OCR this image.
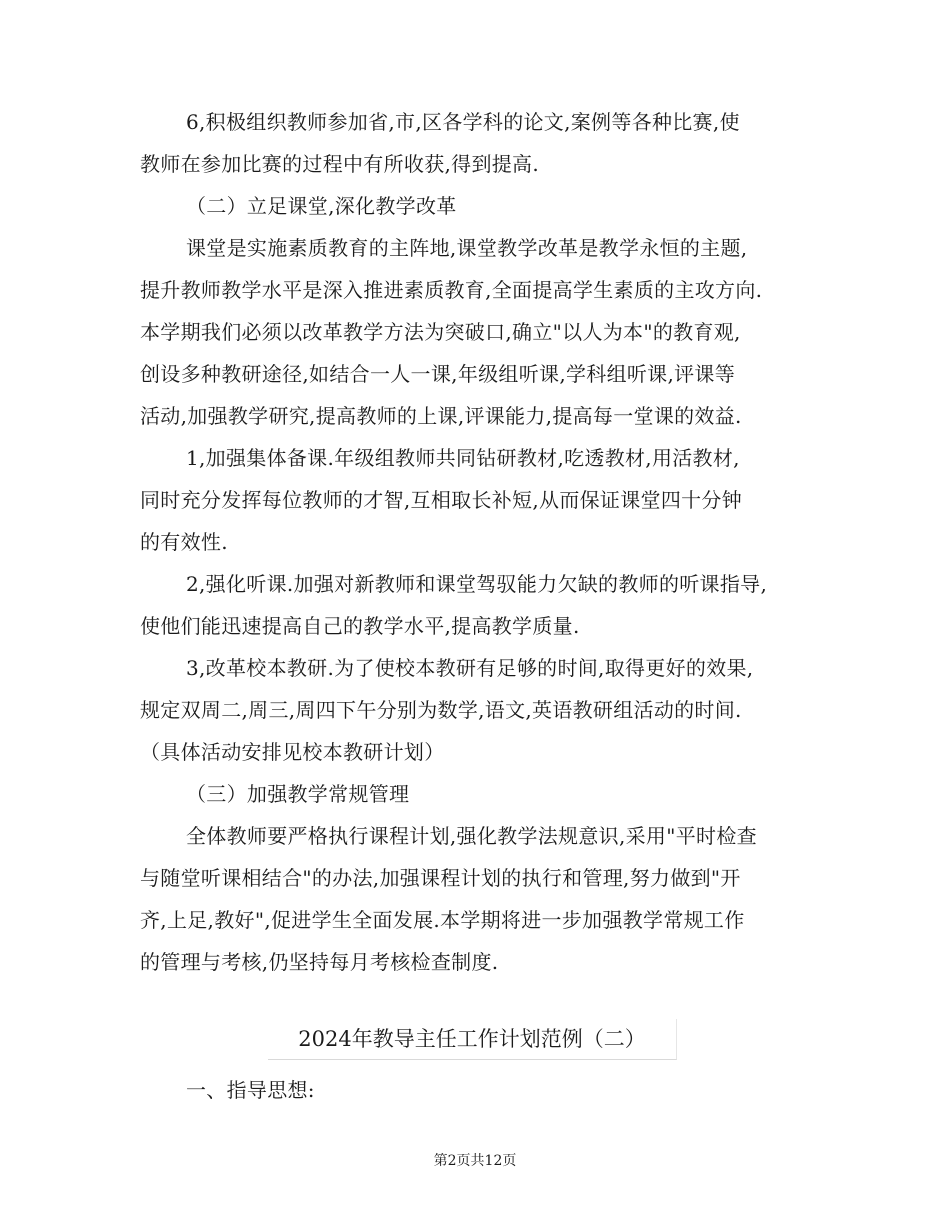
6,积极组织教师参加省,市,区各学科的论文,案例等各种比赛,使
教师在参加比赛的过程中有所收获,得到提高.
（二）立足课堂,深化教学改革
课堂是实施素质教育的主阵地,课堂教学改革是教学永恒的主题,
提升教师教学水平是深入推进素质教育,全面提高学生素质的主攻方向.
本学期我们必须以改革教学方法为突破口,确立"以人为本"的教育观,
创设多种教研途径,如结合一人一课,年级组听课,学科组听课,评课等
活动,加强教学研究,提高教师的上课,评课能力,提高每一堂课的效益.
1,加强集体备课.年级组教师共同钻研教材,吃透教材,用活教材,
同时充分发挥每位教师的才智,互相取长补短,从而保证课堂四十分钟
的有效性.
2,强化听课.加强对新教师和课堂驾驭能力欠缺的教师的听课指导,
使他们能迅速提高自己的教学水平,提高教学质量.
3,改革校本教研.为了使校本教研有足够的时间,取得更好的效果,
规定双周二,周三,周四下午分别为数学,语文,英语教研组活动的时间.
（具体活动安排见校本教研计划）
（三）加强教学常规管理
全体教师要严格执行课程计划,强化教学法规意识,采用"平时检查
与随堂听课相结合"的办法,加强课程计划的执行和管理,努力做到"开
齐,上足,教好",促进学生全面发展.本学期将进一步加强教学常规工作
的管理与考核,仍坚持每月考核检查制度.
2024年教导主任工作计划范例（二）
一、指导思想:
第2页共12页
